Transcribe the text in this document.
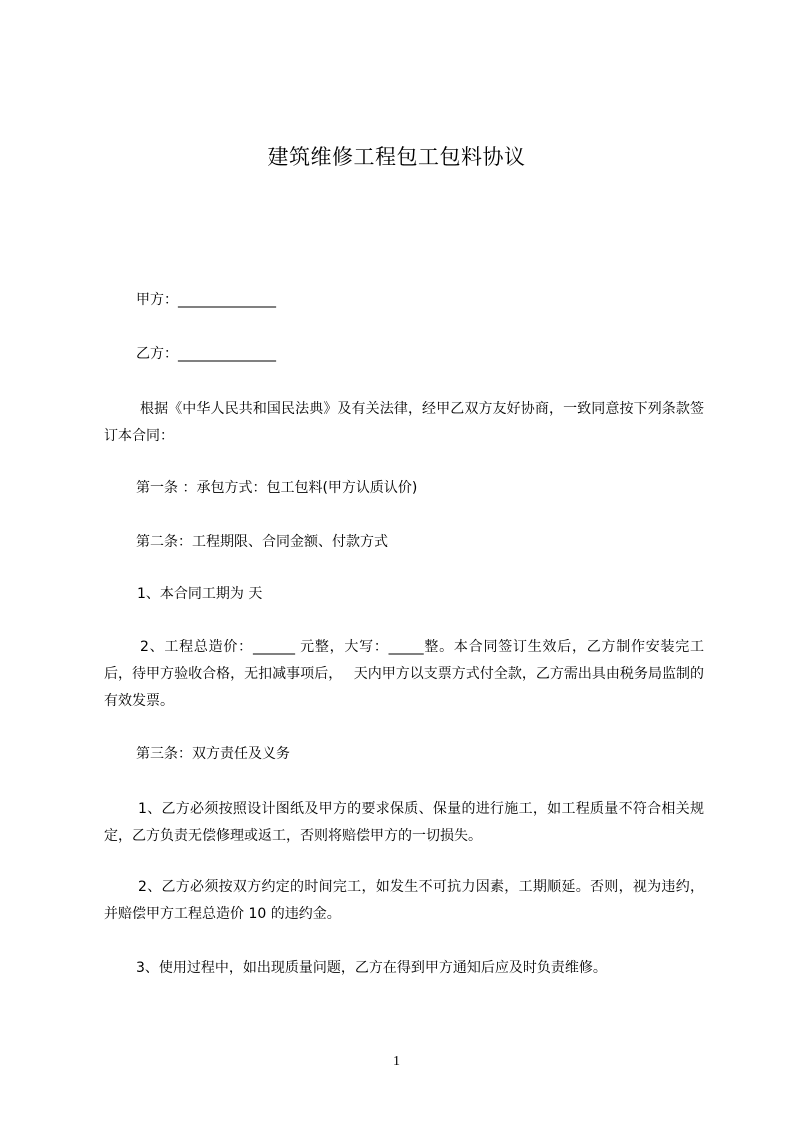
建筑维修工程包工包料协议
甲方：______________
乙方：______________
根据《中华人民共和国民法典》及有关法律，经甲乙双方友好协商，一致同意按下列条款签订本合同：
第一条 ：承包方式：包工包料(甲方认质认价)
第二条：工程期限、合同金额、付款方式
1、本合同工期为 天
2、工程总造价：______ 元整，大写：_____整。本合同签订生效后，乙方制作安装完工后，待甲方验收合格，无扣减事项后，　 天内甲方以支票方式付全款，乙方需出具由税务局监制的有效发票。
第三条：双方责任及义务
1、乙方必须按照设计图纸及甲方的要求保质、保量的进行施工，如工程质量不符合相关规定，乙方负责无偿修理或返工，否则将赔偿甲方的一切损失。
2、乙方必须按双方约定的时间完工，如发生不可抗力因素，工期顺延。否则，视为违约，并赔偿甲方工程总造价 10 的违约金。
3、使用过程中，如出现质量问题，乙方在得到甲方通知后应及时负责维修。
1
